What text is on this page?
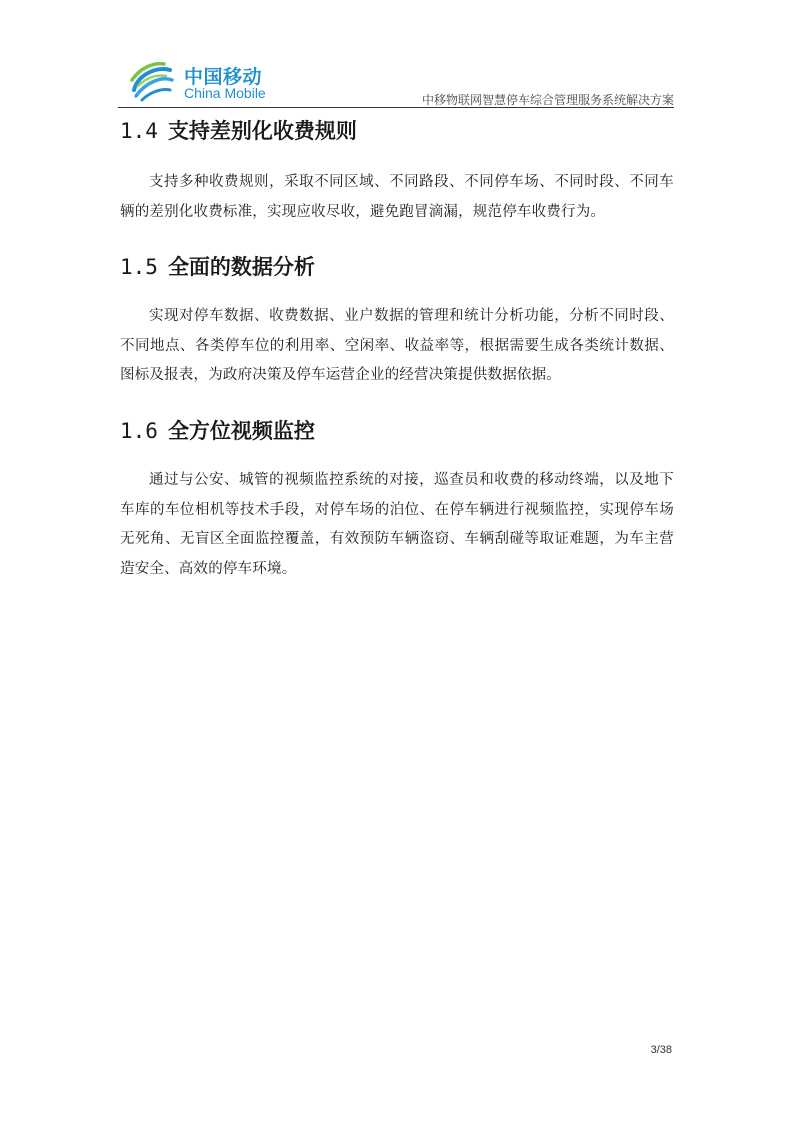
中国移动
China Mobile	中移物联网智慧停车综合管理服务系统解决方案
1.4 支持差别化收费规则

支持多种收费规则，采取不同区域、不同路段、不同停车场、不同时段、不同车辆的差别化收费标准，实现应收尽收，避免跑冒滴漏，规范停车收费行为。

1.5 全面的数据分析

实现对停车数据、收费数据、业户数据的管理和统计分析功能，分析不同时段、不同地点、各类停车位的利用率、空闲率、收益率等，根据需要生成各类统计数据、图标及报表，为政府决策及停车运营企业的经营决策提供数据依据。

1.6 全方位视频监控

通过与公安、城管的视频监控系统的对接，巡查员和收费的移动终端，以及地下车库的车位相机等技术手段，对停车场的泊位、在停车辆进行视频监控，实现停车场无死角、无盲区全面监控覆盖，有效预防车辆盗窃、车辆刮碰等取证难题，为车主营造安全、高效的停车环境。

3/38
